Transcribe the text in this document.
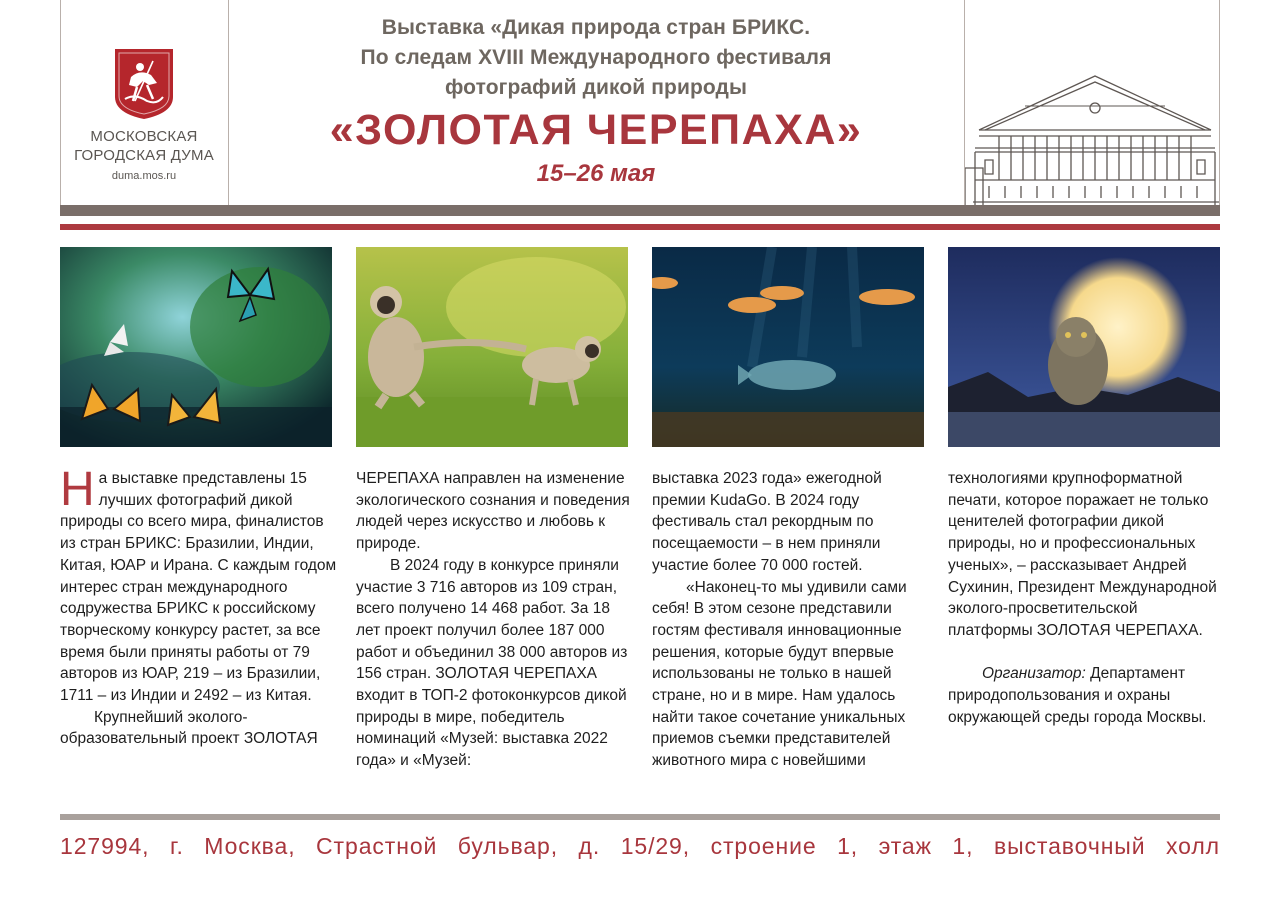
МОСКОВСКАЯ
ГОРОДСКАЯ ДУМА
duma.mos.ru
Выставка «Дикая природа стран БРИКС.
По следам XVIII Международного фестиваля
фотографий дикой природы
«ЗОЛОТАЯ ЧЕРЕПАХА»
15–26 мая

На выставке представлены 15 лучших фотографий дикой природы со всего мира, финалистов из стран БРИКС: Бразилии, Индии, Китая, ЮАР и Ирана. С каждым годом интерес стран международного содружества БРИКС к российскому творческому конкурсу растет, за все время были приняты работы от 79 авторов из ЮАР, 219 – из Бразилии, 1711 – из Индии и 2492 – из Китая.

Крупнейший эколого-образовательный проект ЗОЛОТАЯ

ЧЕРЕПАХА направлен на изменение экологического сознания и поведения людей через искусство и любовь к природе.

В 2024 году в конкурсе приняли участие 3 716 авторов из 109 стран, всего получено 14 468 работ. За 18 лет проект получил более 187 000 работ и объединил 38 000 авторов из 156 стран. ЗОЛОТАЯ ЧЕРЕПАХА входит в ТОП-2 фотоконкурсов дикой природы в мире, победитель номинаций «Музей: выставка 2022 года» и «Музей:

выставка 2023 года» ежегодной премии KudaGo. В 2024 году фестиваль стал рекордным по посещаемости – в нем приняли участие более 70 000 гостей.

«Наконец-то мы удивили сами себя! В этом сезоне представили гостям фестиваля инновационные решения, которые будут впервые использованы не только в нашей стране, но и в мире. Нам удалось найти такое сочетание уникальных приемов съемки представителей животного мира с новейшими

технологиями крупноформатной печати, которое поражает не только ценителей фотографии дикой природы, но и профессиональных ученых», – рассказывает Андрей Сухинин, Президент Международной эколого-просветительской платформы ЗОЛОТАЯ ЧЕРЕПАХА.

Организатор: Департамент природопользования и охраны окружающей среды города Москвы.

127994, г. Москва, Страстной бульвар, д. 15/29, строение 1, этаж 1, выставочный холл
